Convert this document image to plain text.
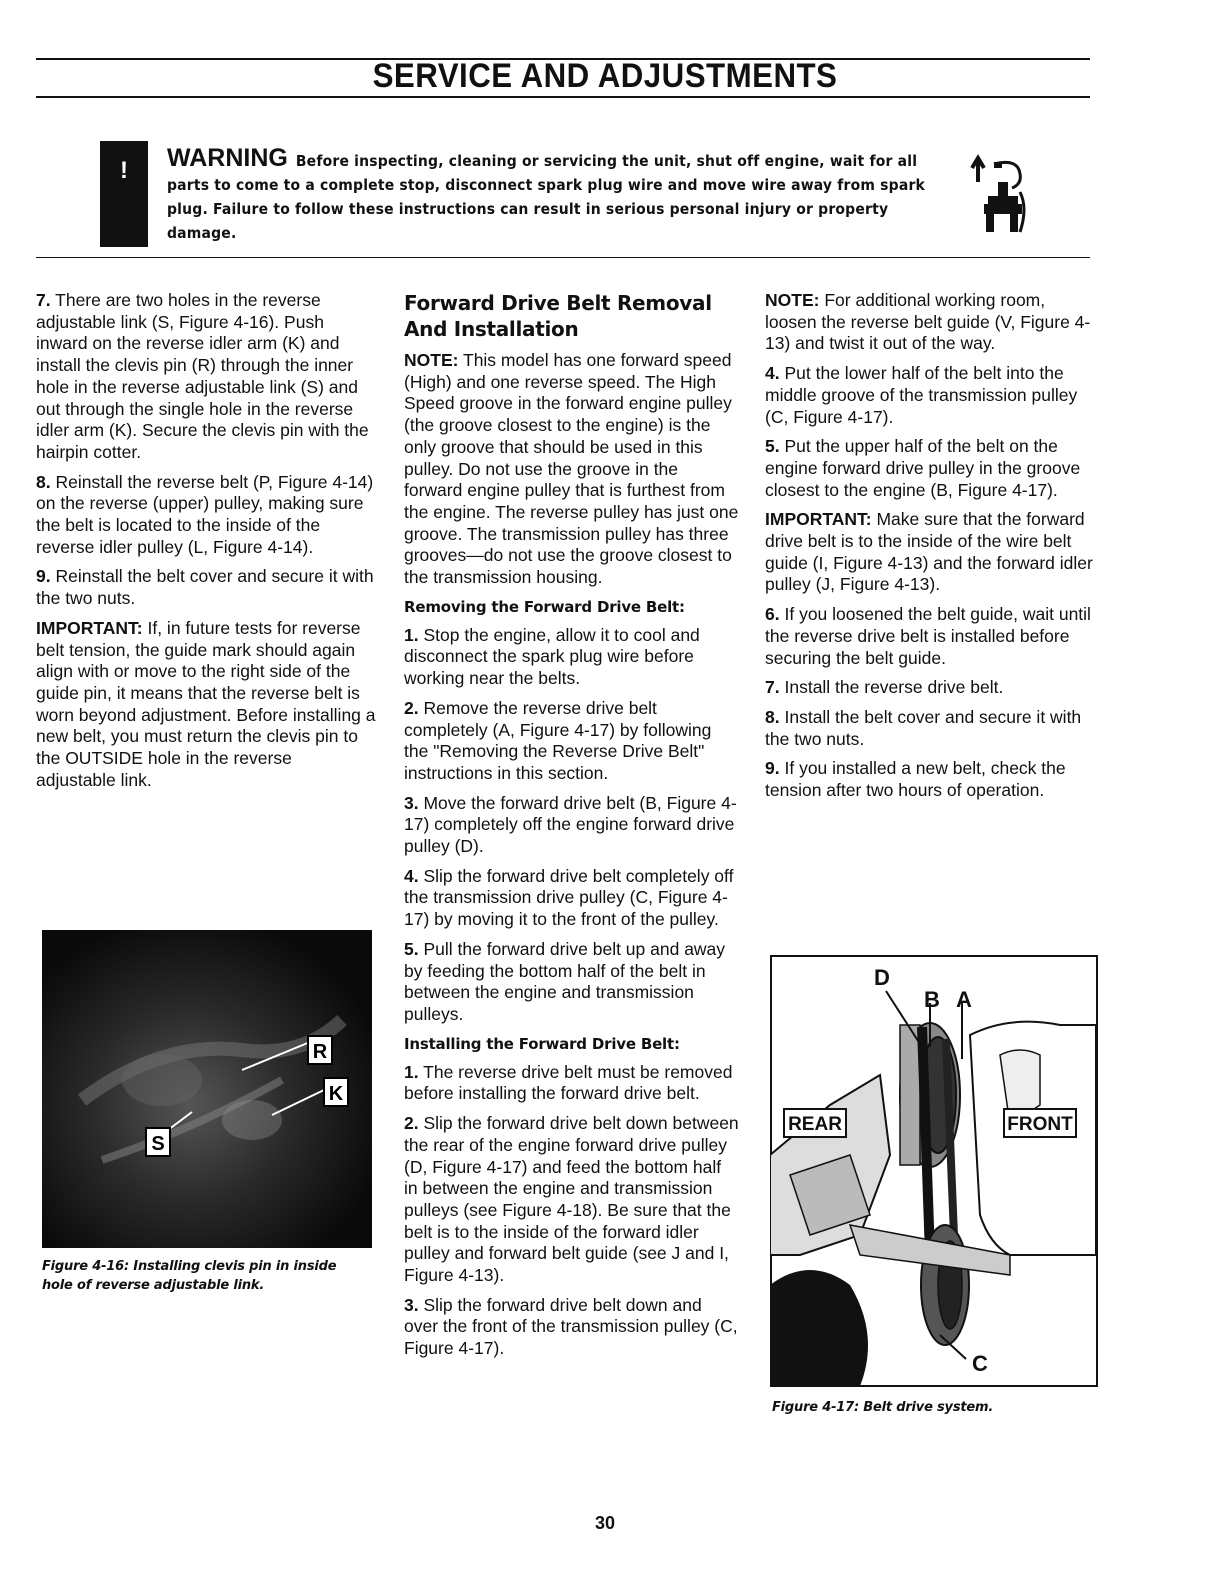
SERVICE AND ADJUSTMENTS
!	WARNING Before inspecting, cleaning or servicing the unit, shut off engine, wait for all parts to come to a complete stop, disconnect spark plug wire and move wire away from spark plug. Failure to follow these instructions can result in serious personal injury or property damage.

7. There are two holes in the reverse adjustable link (S, Figure 4-16). Push inward on the reverse idler arm (K) and install the clevis pin (R) through the inner hole in the reverse adjustable link (S) and out through the single hole in the reverse idler arm (K). Secure the clevis pin with the hairpin cotter.

8. Reinstall the reverse belt (P, Figure 4-14) on the reverse (upper) pulley, making sure the belt is located to the inside of the reverse idler pulley (L, Figure 4-14).

9. Reinstall the belt cover and secure it with the two nuts.

IMPORTANT: If, in future tests for reverse belt tension, the guide mark should again align with or move to the right side of the guide pin, it means that the reverse belt is worn beyond adjustment. Before installing a new belt, you must return the clevis pin to the OUTSIDE hole in the reverse adjustable link.

R
K
S
Figure 4-16: Installing clevis pin in inside hole of reverse adjustable link.
Forward Drive Belt Removal And Installation

NOTE: This model has one forward speed (High) and one reverse speed. The High Speed groove in the forward engine pulley (the groove closest to the engine) is the only groove that should be used in this pulley. Do not use the groove in the forward engine pulley that is furthest from the engine. The reverse pulley has just one groove. The transmission pulley has three grooves—do not use the groove closest to the transmission housing.

Removing the Forward Drive Belt:

1. Stop the engine, allow it to cool and disconnect the spark plug wire before working near the belts.

2. Remove the reverse drive belt completely (A, Figure 4-17) by following the "Removing the Reverse Drive Belt" instructions in this section.

3. Move the forward drive belt (B, Figure 4-17) completely off the engine forward drive pulley (D).

4. Slip the forward drive belt completely off the transmission drive pulley (C, Figure 4-17) by moving it to the front of the pulley.

5. Pull the forward drive belt up and away by feeding the bottom half of the belt in between the engine and transmission pulleys.

Installing the Forward Drive Belt:

1. The reverse drive belt must be removed before installing the forward drive belt.

2. Slip the forward drive belt down between the rear of the engine forward drive pulley (D, Figure 4-17) and feed the bottom half in between the engine and transmission pulleys (see Figure 4-18). Be sure that the belt is to the inside of the forward idler pulley and forward belt guide (see J and I, Figure 4-13).

3. Slip the forward drive belt down and over the front of the transmission pulley (C, Figure 4-17).

NOTE: For additional working room, loosen the reverse belt guide (V, Figure 4-13) and twist it out of the way.

4. Put the lower half of the belt into the middle groove of the transmission pulley (C, Figure 4-17).

5. Put the upper half of the belt on the engine forward drive pulley in the groove closest to the engine (B, Figure 4-17).

IMPORTANT: Make sure that the forward drive belt is to the inside of the wire belt guide (I, Figure 4-13) and the forward idler pulley (J, Figure 4-13).

6. If you loosened the belt guide, wait until the reverse drive belt is installed before securing the belt guide.

7. Install the reverse drive belt.

8. Install the belt cover and secure it with the two nuts.

9. If you installed a new belt, check the tension after two hours of operation.

D
B A
C
REAR	FRONT
Figure 4-17: Belt drive system.
30
